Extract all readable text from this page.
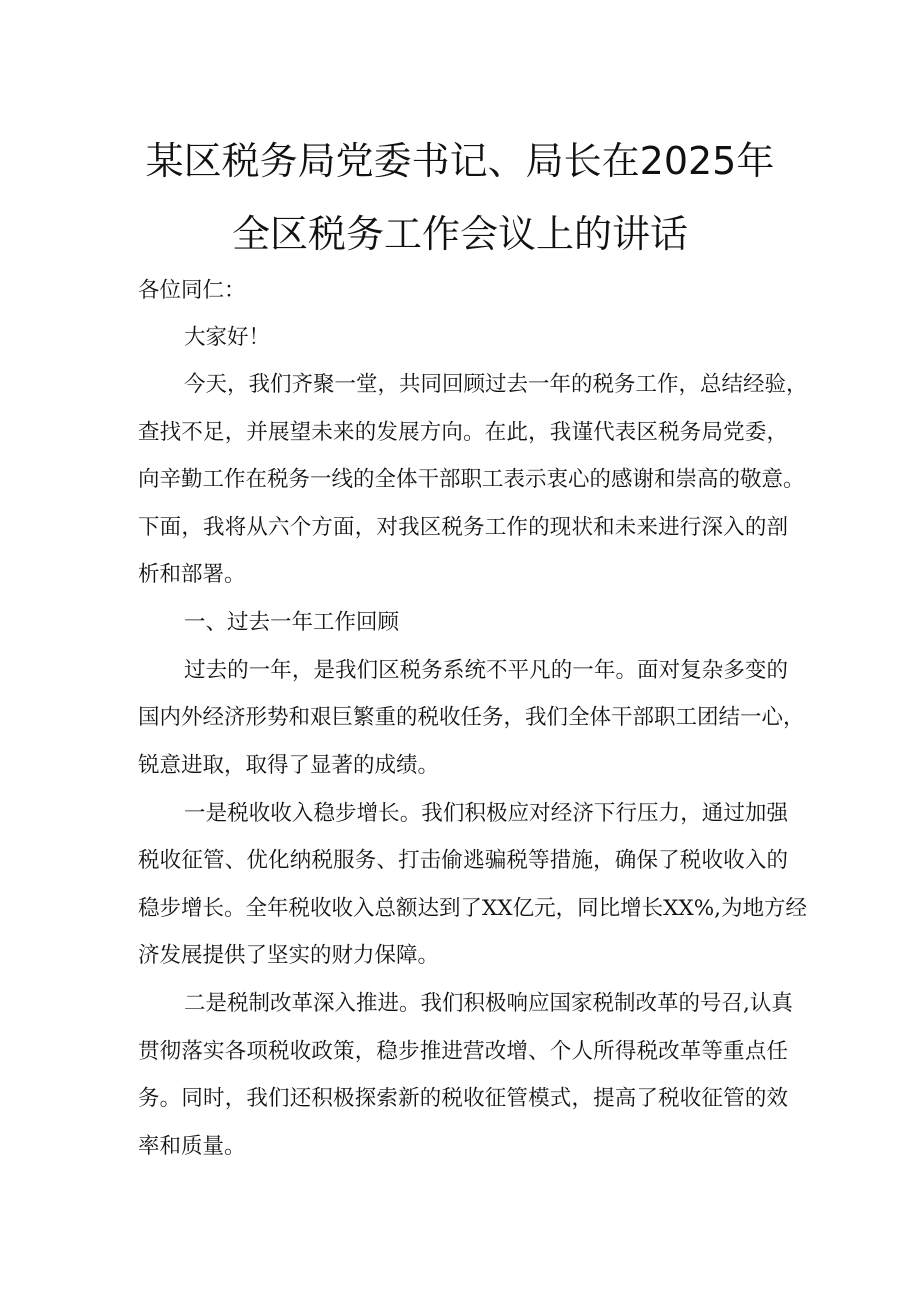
某区税务局党委书记、局长在2025年
全区税务工作会议上的讲话
各位同仁：
大家好！
今天，我们齐聚一堂，共同回顾过去一年的税务工作，总结经验，
查找不足，并展望未来的发展方向。在此，我谨代表区税务局党委，
向辛勤工作在税务一线的全体干部职工表示衷心的感谢和崇高的敬意。
下面，我将从六个方面，对我区税务工作的现状和未来进行深入的剖
析和部署。
一、过去一年工作回顾
过去的一年，是我们区税务系统不平凡的一年。面对复杂多变的
国内外经济形势和艰巨繁重的税收任务，我们全体干部职工团结一心，
锐意进取，取得了显著的成绩。
一是税收收入稳步增长。我们积极应对经济下行压力，通过加强
税收征管、优化纳税服务、打击偷逃骗税等措施，确保了税收收入的
稳步增长。全年税收收入总额达到了XX亿元，同比增长XX%,为地方经
济发展提供了坚实的财力保障。
二是税制改革深入推进。我们积极响应国家税制改革的号召,认真
贯彻落实各项税收政策，稳步推进营改增、个人所得税改革等重点任
务。同时，我们还积极探索新的税收征管模式，提高了税收征管的效
率和质量。
